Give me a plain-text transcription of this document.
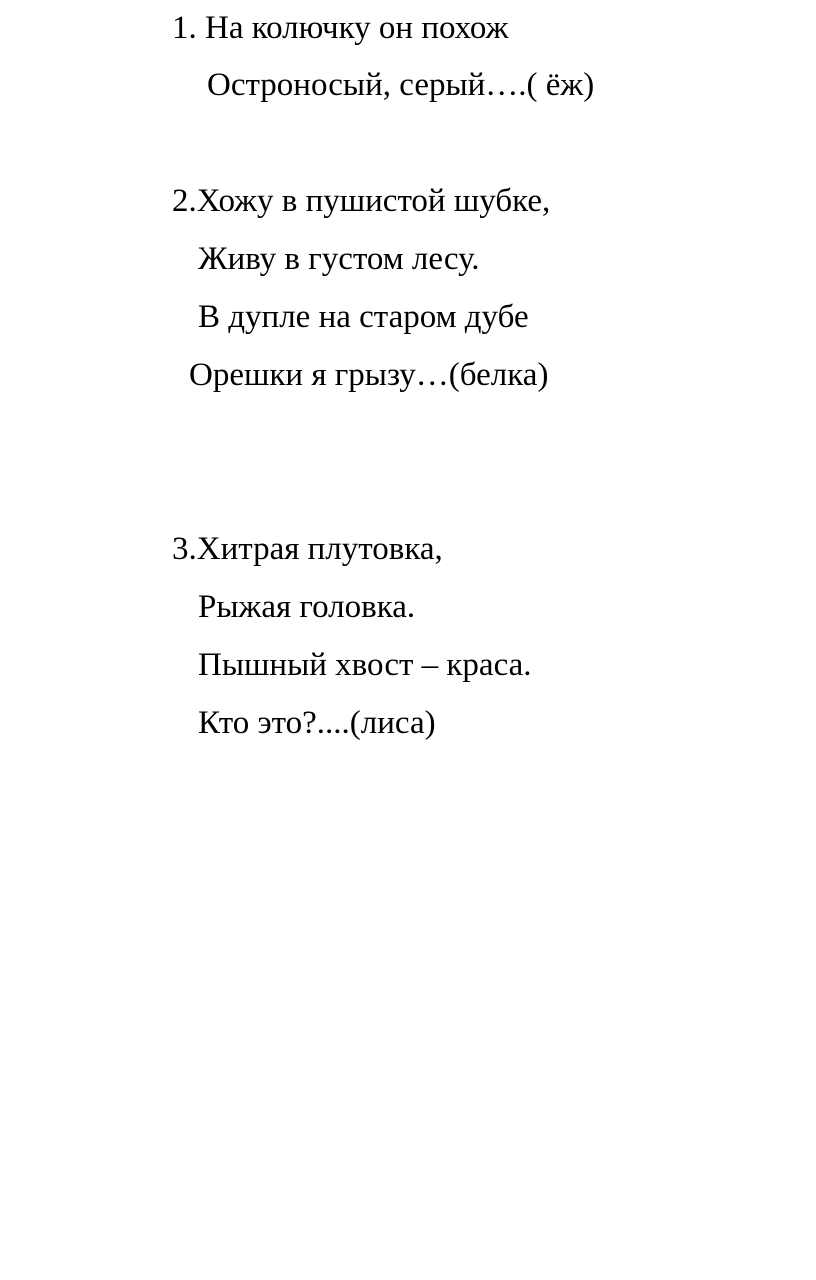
1. На колючку он похож
Остроносый, серый….( ёж)
2.Хожу в пушистой шубке,
Живу в густом лесу.
В дупле на старом дубе
Орешки я грызу…(белка)
3.Хитрая плутовка,
Рыжая головка.
Пышный хвост – краса.
Кто это?....(лиса)
